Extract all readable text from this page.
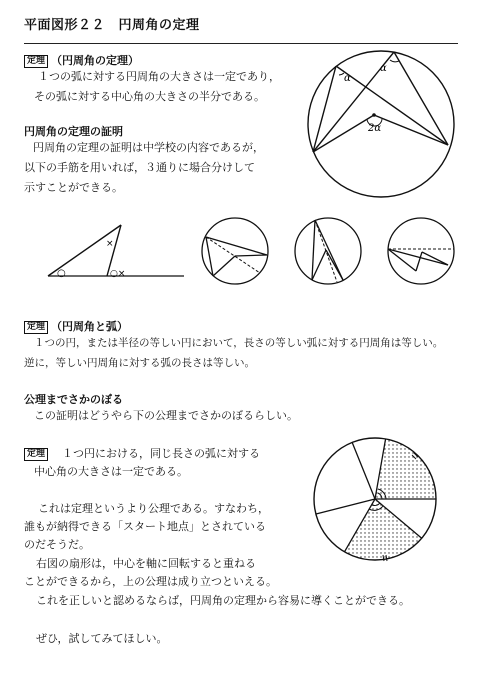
平面図形２２　円周角の定理
定理 （円周角の定理）
１つの弧に対する円周角の大きさは一定であり，
その弧に対する中心角の大きさの半分である。
α
α
2α
円周角の定理の証明
円周角の定理の証明は中学校の内容であるが，
以下の手筋を用いれば，３通りに場合分けして
示すことができる。
○
×
○×
定理 （円周角と弧）
１つの円，または半径の等しい円において，長さの等しい弧に対する円周角は等しい。
逆に，等しい円周角に対する弧の長さは等しい。
公理までさかのぼる
この証明はどうやら下の公理までさかのぼるらしい。
定理　 １つ円における，同じ長さの弧に対する
中心角の大きさは一定である。
これは定理というより公理である。すなわち，
誰もが納得できる「スタート地点」とされている
のだそうだ。
右図の扇形は，中心を軸に回転すると重ねる
ことができるから，上の公理は成り立つといえる。
これを正しいと認めるならば，円周角の定理から容易に導くことができる。
ぜひ，試してみてほしい。
